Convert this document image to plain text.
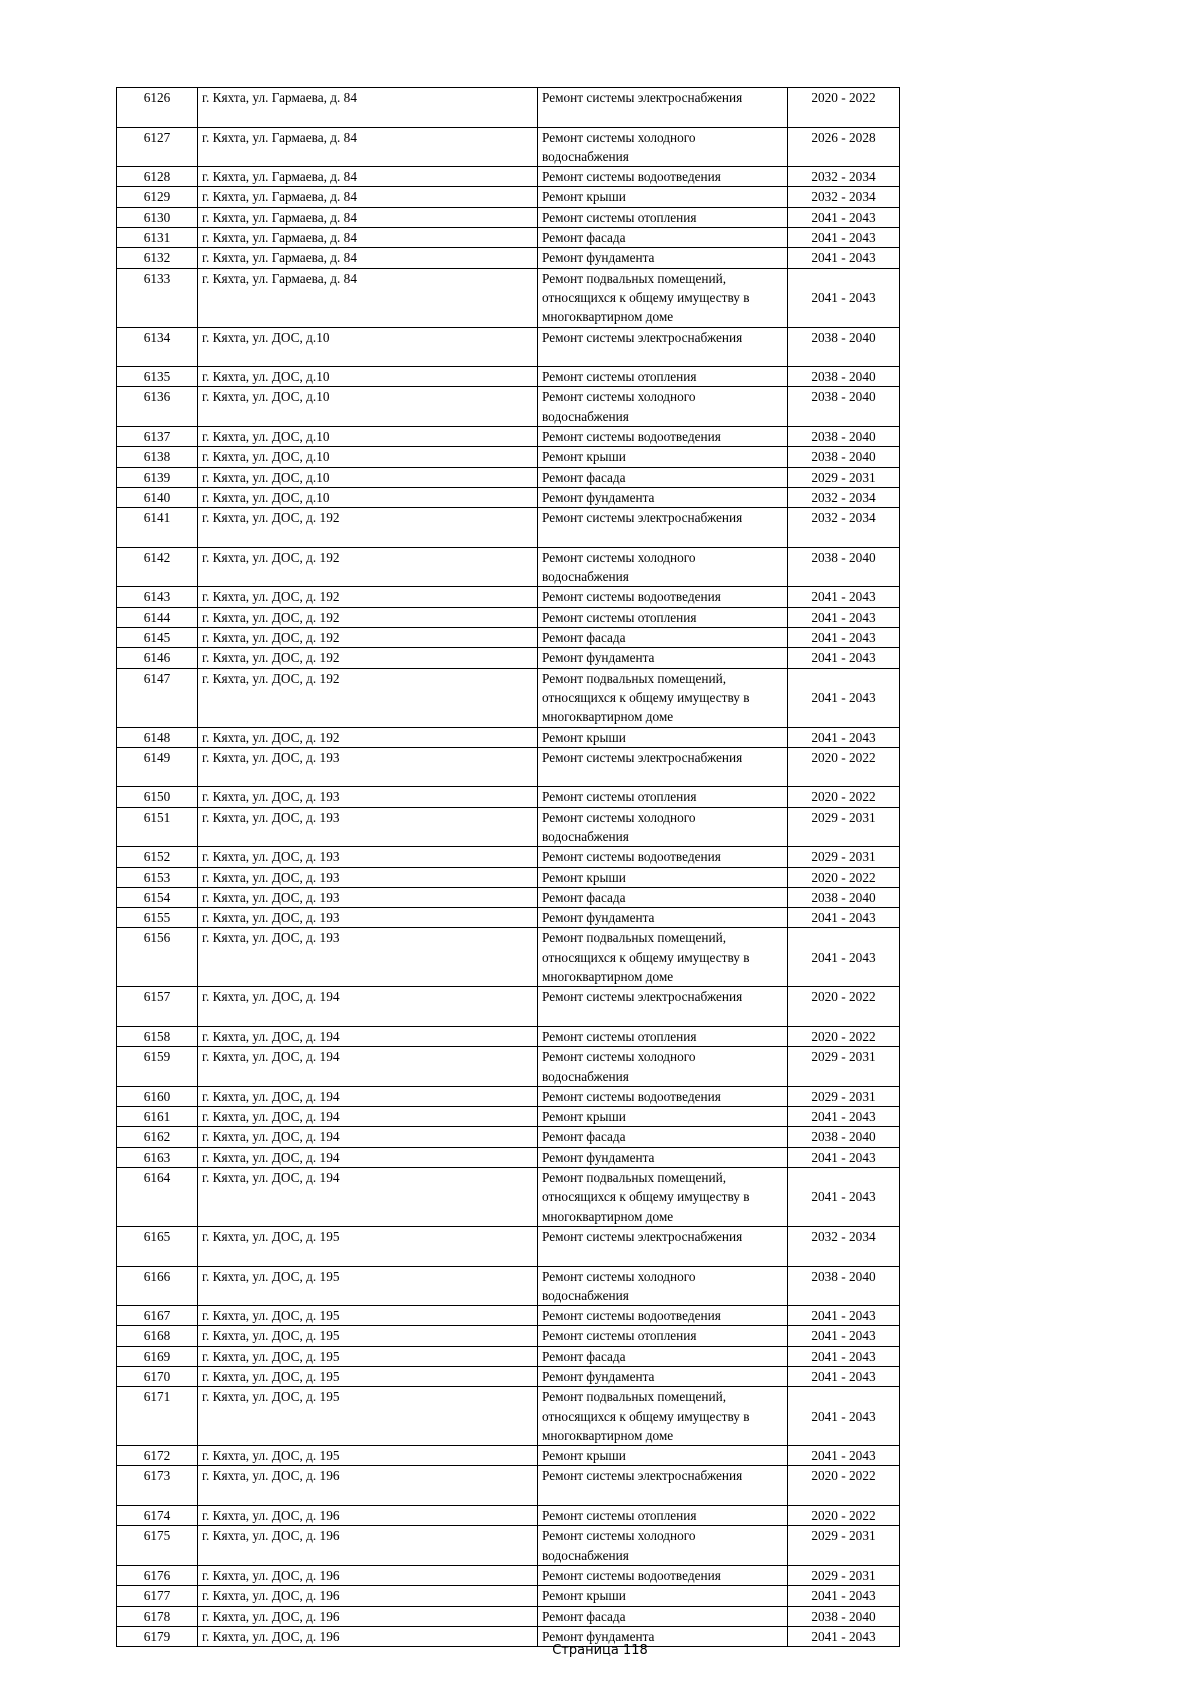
6126	г. Кяхта, ул. Гармаева, д. 84	Ремонт системы электроснабжения	2020 - 2022
6127	г. Кяхта, ул. Гармаева, д. 84	Ремонт системы холодного водоснабжения	2026 - 2028
6128	г. Кяхта, ул. Гармаева, д. 84	Ремонт системы водоотведения	2032 - 2034
6129	г. Кяхта, ул. Гармаева, д. 84	Ремонт крыши	2032 - 2034
6130	г. Кяхта, ул. Гармаева, д. 84	Ремонт системы отопления	2041 - 2043
6131	г. Кяхта, ул. Гармаева, д. 84	Ремонт фасада	2041 - 2043
6132	г. Кяхта, ул. Гармаева, д. 84	Ремонт фундамента	2041 - 2043
6133	г. Кяхта, ул. Гармаева, д. 84	Ремонт подвальных помещений, относящихся к общему имуществу в многоквартирном доме	2041 - 2043
6134	г. Кяхта, ул. ДОС, д.10	Ремонт системы электроснабжения	2038 - 2040
6135	г. Кяхта, ул. ДОС, д.10	Ремонт системы отопления	2038 - 2040
6136	г. Кяхта, ул. ДОС, д.10	Ремонт системы холодного водоснабжения	2038 - 2040
6137	г. Кяхта, ул. ДОС, д.10	Ремонт системы водоотведения	2038 - 2040
6138	г. Кяхта, ул. ДОС, д.10	Ремонт крыши	2038 - 2040
6139	г. Кяхта, ул. ДОС, д.10	Ремонт фасада	2029 - 2031
6140	г. Кяхта, ул. ДОС, д.10	Ремонт фундамента	2032 - 2034
6141	г. Кяхта, ул. ДОС, д. 192	Ремонт системы электроснабжения	2032 - 2034
6142	г. Кяхта, ул. ДОС, д. 192	Ремонт системы холодного водоснабжения	2038 - 2040
6143	г. Кяхта, ул. ДОС, д. 192	Ремонт системы водоотведения	2041 - 2043
6144	г. Кяхта, ул. ДОС, д. 192	Ремонт системы отопления	2041 - 2043
6145	г. Кяхта, ул. ДОС, д. 192	Ремонт фасада	2041 - 2043
6146	г. Кяхта, ул. ДОС, д. 192	Ремонт фундамента	2041 - 2043
6147	г. Кяхта, ул. ДОС, д. 192	Ремонт подвальных помещений, относящихся к общему имуществу в многоквартирном доме	2041 - 2043
6148	г. Кяхта, ул. ДОС, д. 192	Ремонт крыши	2041 - 2043
6149	г. Кяхта, ул. ДОС, д. 193	Ремонт системы электроснабжения	2020 - 2022
6150	г. Кяхта, ул. ДОС, д. 193	Ремонт системы отопления	2020 - 2022
6151	г. Кяхта, ул. ДОС, д. 193	Ремонт системы холодного водоснабжения	2029 - 2031
6152	г. Кяхта, ул. ДОС, д. 193	Ремонт системы водоотведения	2029 - 2031
6153	г. Кяхта, ул. ДОС, д. 193	Ремонт крыши	2020 - 2022
6154	г. Кяхта, ул. ДОС, д. 193	Ремонт фасада	2038 - 2040
6155	г. Кяхта, ул. ДОС, д. 193	Ремонт фундамента	2041 - 2043
6156	г. Кяхта, ул. ДОС, д. 193	Ремонт подвальных помещений, относящихся к общему имуществу в многоквартирном доме	2041 - 2043
6157	г. Кяхта, ул. ДОС, д. 194	Ремонт системы электроснабжения	2020 - 2022
6158	г. Кяхта, ул. ДОС, д. 194	Ремонт системы отопления	2020 - 2022
6159	г. Кяхта, ул. ДОС, д. 194	Ремонт системы холодного водоснабжения	2029 - 2031
6160	г. Кяхта, ул. ДОС, д. 194	Ремонт системы водоотведения	2029 - 2031
6161	г. Кяхта, ул. ДОС, д. 194	Ремонт крыши	2041 - 2043
6162	г. Кяхта, ул. ДОС, д. 194	Ремонт фасада	2038 - 2040
6163	г. Кяхта, ул. ДОС, д. 194	Ремонт фундамента	2041 - 2043
6164	г. Кяхта, ул. ДОС, д. 194	Ремонт подвальных помещений, относящихся к общему имуществу в многоквартирном доме	2041 - 2043
6165	г. Кяхта, ул. ДОС, д. 195	Ремонт системы электроснабжения	2032 - 2034
6166	г. Кяхта, ул. ДОС, д. 195	Ремонт системы холодного водоснабжения	2038 - 2040
6167	г. Кяхта, ул. ДОС, д. 195	Ремонт системы водоотведения	2041 - 2043
6168	г. Кяхта, ул. ДОС, д. 195	Ремонт системы отопления	2041 - 2043
6169	г. Кяхта, ул. ДОС, д. 195	Ремонт фасада	2041 - 2043
6170	г. Кяхта, ул. ДОС, д. 195	Ремонт фундамента	2041 - 2043
6171	г. Кяхта, ул. ДОС, д. 195	Ремонт подвальных помещений, относящихся к общему имуществу в многоквартирном доме	2041 - 2043
6172	г. Кяхта, ул. ДОС, д. 195	Ремонт крыши	2041 - 2043
6173	г. Кяхта, ул. ДОС, д. 196	Ремонт системы электроснабжения	2020 - 2022
6174	г. Кяхта, ул. ДОС, д. 196	Ремонт системы отопления	2020 - 2022
6175	г. Кяхта, ул. ДОС, д. 196	Ремонт системы холодного водоснабжения	2029 - 2031
6176	г. Кяхта, ул. ДОС, д. 196	Ремонт системы водоотведения	2029 - 2031
6177	г. Кяхта, ул. ДОС, д. 196	Ремонт крыши	2041 - 2043
6178	г. Кяхта, ул. ДОС, д. 196	Ремонт фасада	2038 - 2040
6179	г. Кяхта, ул. ДОС, д. 196	Ремонт фундамента	2041 - 2043
Страница 118
